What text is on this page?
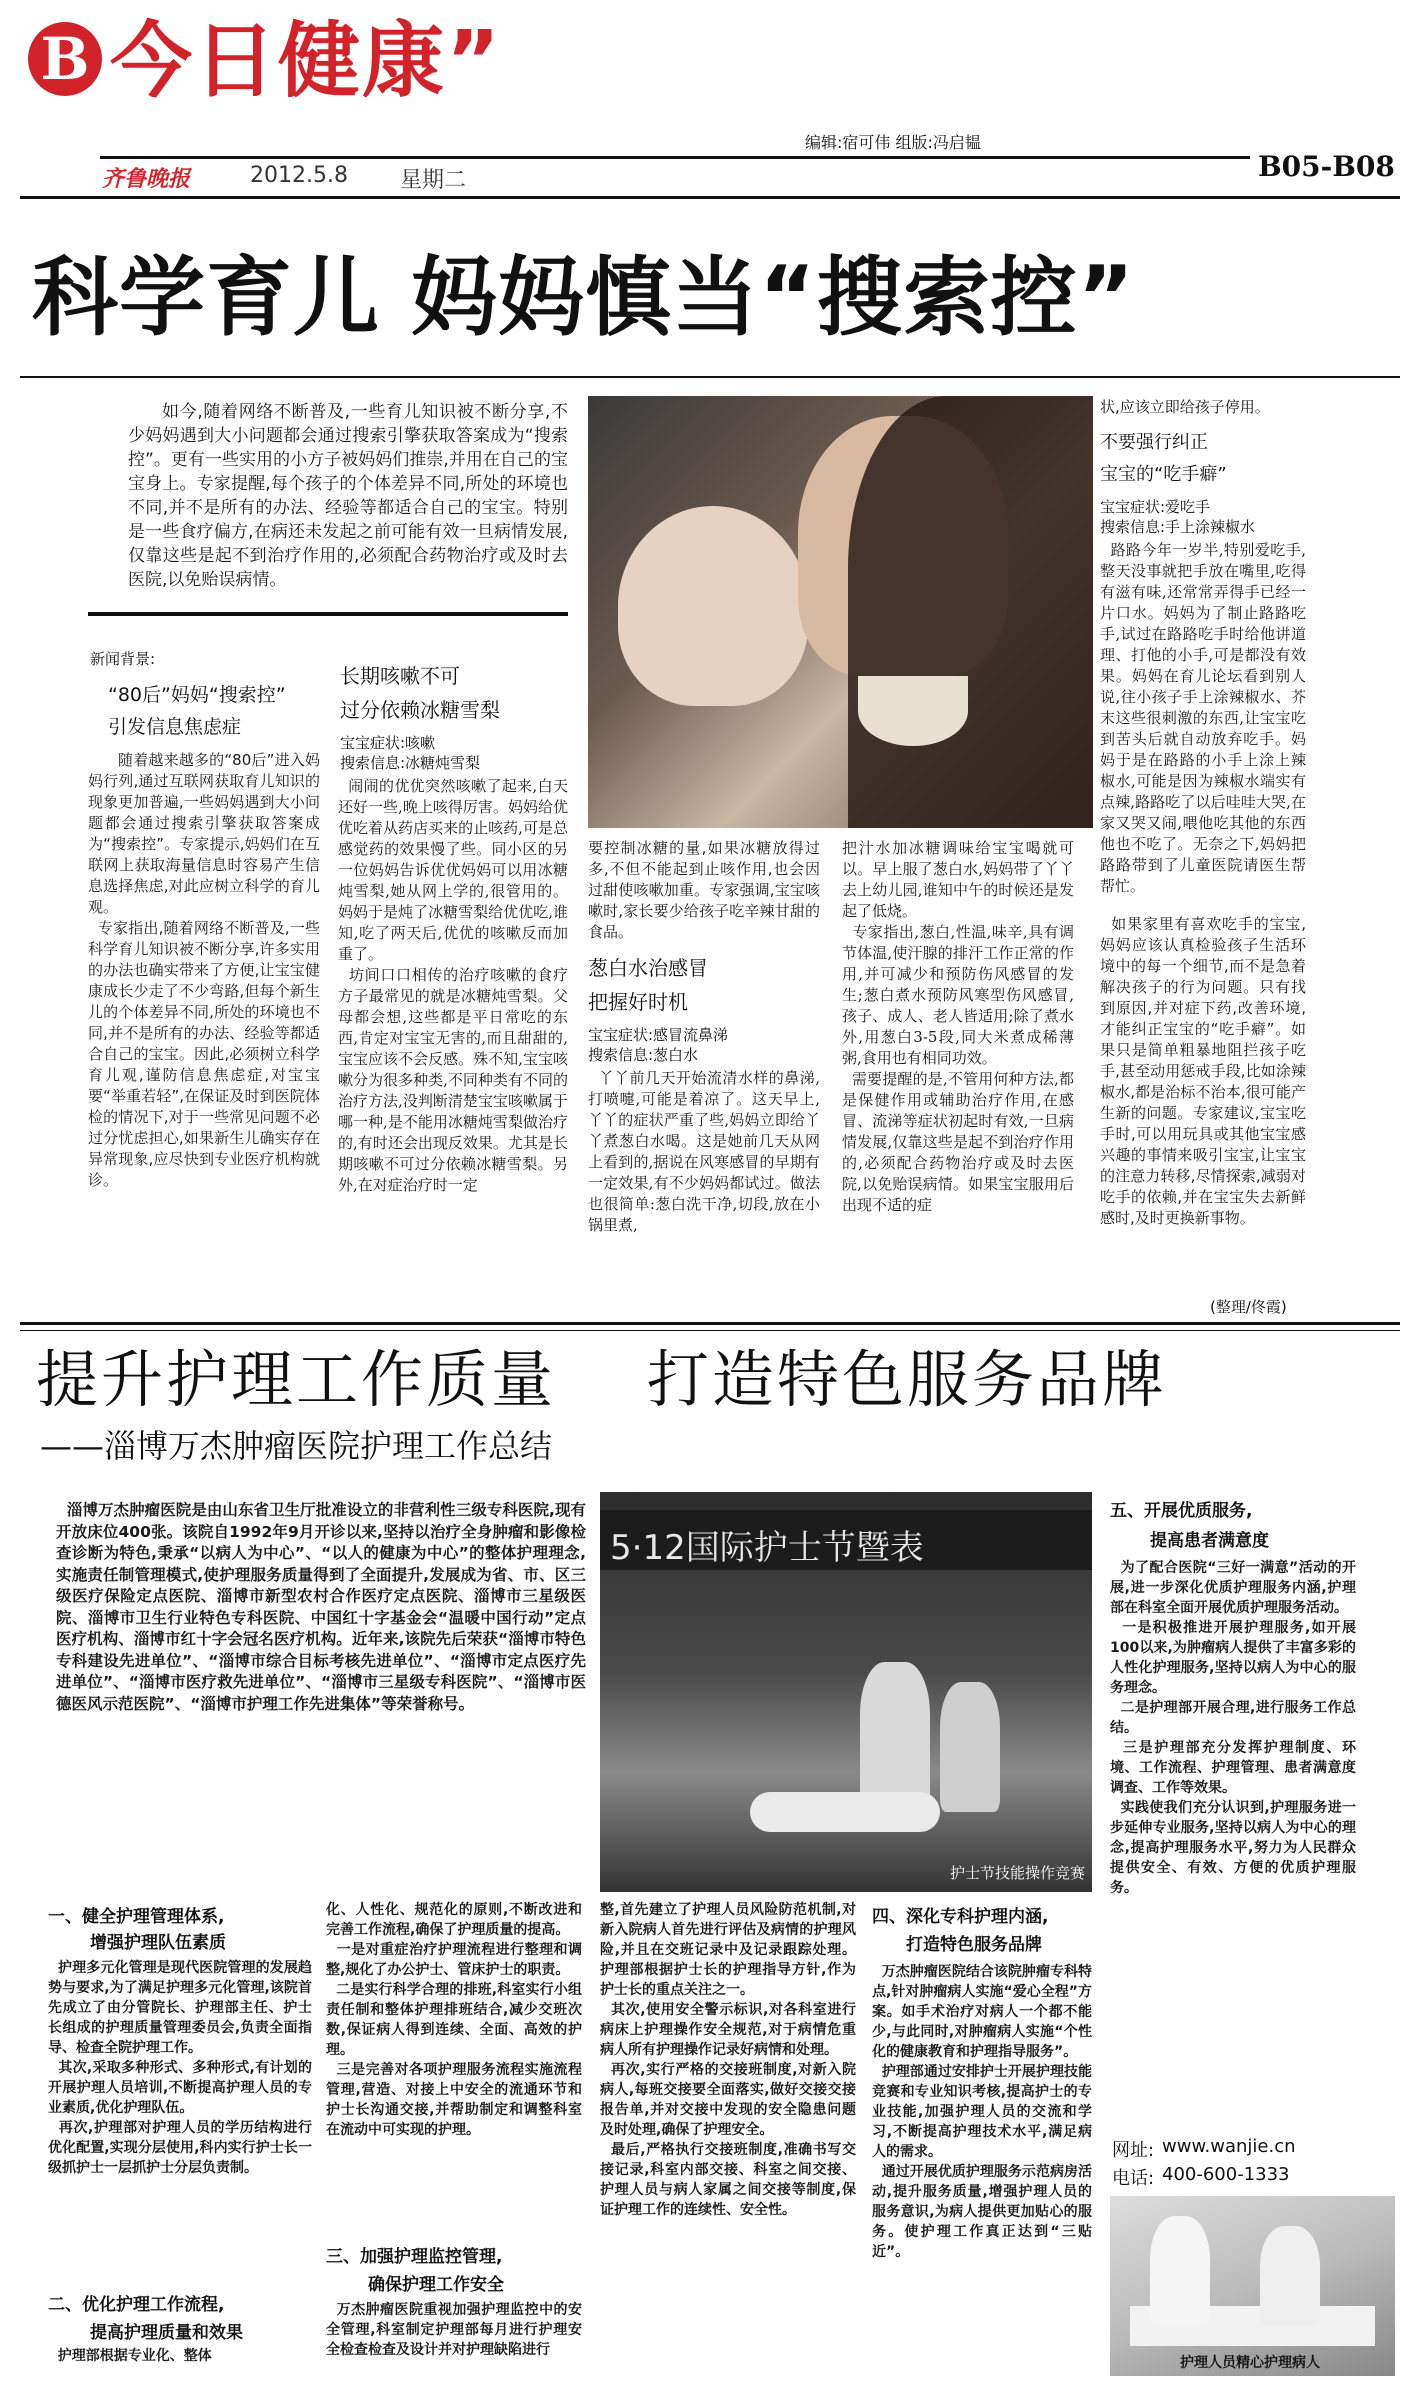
B 今日健康”
编辑:宿可伟 组版:冯启韫
齐鲁晚报	2012.5.8 星期二	B05-B08
科学育儿 妈妈慎当“搜索控”
如今,随着网络不断普及,一些育儿知识被不断分享,不少妈妈遇到大小问题都会通过搜索引擎获取答案成为“搜索控”。更有一些实用的小方子被妈妈们推崇,并用在自己的宝宝身上。专家提醒,每个孩子的个体差异不同,所处的环境也不同,并不是所有的办法、经验等都适合自己的宝宝。特别是一些食疗偏方,在病还未发起之前可能有效一旦病情发展,仅靠这些是起不到治疗作用的,必须配合药物治疗或及时去医院,以免贻误病情。
新闻背景:
“80后”妈妈“搜索控”
引发信息焦虑症
随着越来越多的“80后”进入妈妈行列,通过互联网获取育儿知识的现象更加普遍,一些妈妈遇到大小问题都会通过搜索引擎获取答案成为“搜索控”。专家提示,妈妈们在互联网上获取海量信息时容易产生信息选择焦虑,对此应树立科学的育儿观。
专家指出,随着网络不断普及,一些科学育儿知识被不断分享,许多实用的办法也确实带来了方便,让宝宝健康成长少走了不少弯路,但每个新生儿的个体差异不同,所处的环境也不同,并不是所有的办法、经验等都适合自己的宝宝。因此,必须树立科学育儿观,谨防信息焦虑症,对宝宝要“举重若轻”,在保证及时到医院体检的情况下,对于一些常见问题不必过分忧虑担心,如果新生儿确实存在异常现象,应尽快到专业医疗机构就诊。
长期咳嗽不可
过分依赖冰糖雪梨
宝宝症状:咳嗽
搜索信息:冰糖炖雪梨
闹闹的优优突然咳嗽了起来,白天还好一些,晚上咳得厉害。妈妈给优优吃着从药店买来的止咳药,可是总感觉药的效果慢了些。同小区的另一位妈妈告诉优优妈妈可以用冰糖炖雪梨,她从网上学的,很管用的。妈妈于是炖了冰糖雪梨给优优吃,谁知,吃了两天后,优优的咳嗽反而加重了。
坊间口口相传的治疗咳嗽的食疗方子最常见的就是冰糖炖雪梨。父母都会想,这些都是平日常吃的东西,肯定对宝宝无害的,而且甜甜的,宝宝应该不会反感。殊不知,宝宝咳嗽分为很多种类,不同种类有不同的治疗方法,没判断清楚宝宝咳嗽属于哪一种,是不能用冰糖炖雪梨做治疗的,有时还会出现反效果。尤其是长期咳嗽不可过分依赖冰糖雪梨。另外,在对症治疗时一定
要控制冰糖的量,如果冰糖放得过多,不但不能起到止咳作用,也会因过甜使咳嗽加重。专家强调,宝宝咳嗽时,家长要少给孩子吃辛辣甘甜的食品。
葱白水治感冒
把握好时机
宝宝症状:感冒流鼻涕
搜索信息:葱白水
丫丫前几天开始流清水样的鼻涕,打喷嚏,可能是着凉了。这天早上,丫丫的症状严重了些,妈妈立即给丫丫煮葱白水喝。这是她前几天从网上看到的,据说在风寒感冒的早期有一定效果,有不少妈妈都试过。做法也很简单:葱白洗干净,切段,放在小锅里煮,
把汁水加冰糖调味给宝宝喝就可以。早上服了葱白水,妈妈带了丫丫去上幼儿园,谁知中午的时候还是发起了低烧。
专家指出,葱白,性温,味辛,具有调节体温,使汗腺的排汗工作正常的作用,并可减少和预防伤风感冒的发生;葱白煮水预防风寒型伤风感冒,孩子、成人、老人皆适用;除了煮水外,用葱白3-5段,同大米煮成稀薄粥,食用也有相同功效。
需要提醒的是,不管用何种方法,都是保健作用或辅助治疗作用,在感冒、流涕等症状初起时有效,一旦病情发展,仅靠这些是起不到治疗作用的,必须配合药物治疗或及时去医院,以免贻误病情。如果宝宝服用后出现不适的症
状,应该立即给孩子停用。
不要强行纠正
宝宝的“吃手癖”
宝宝症状:爱吃手
搜索信息:手上涂辣椒水
路路今年一岁半,特别爱吃手,整天没事就把手放在嘴里,吃得有滋有味,还常常弄得手已经一片口水。妈妈为了制止路路吃手,试过在路路吃手时给他讲道理、打他的小手,可是都没有效果。妈妈在育儿论坛看到别人说,往小孩子手上涂辣椒水、芥末这些很刺激的东西,让宝宝吃到苦头后就自动放弃吃手。妈妈于是在路路的小手上涂上辣椒水,可能是因为辣椒水端实有点辣,路路吃了以后哇哇大哭,在家又哭又闹,喂他吃其他的东西他也不吃了。无奈之下,妈妈把路路带到了儿童医院请医生帮帮忙。
如果家里有喜欢吃手的宝宝,妈妈应该认真检验孩子生活环境中的每一个细节,而不是急着解决孩子的行为问题。只有找到原因,并对症下药,改善环境,才能纠正宝宝的“吃手癖”。如果只是简单粗暴地阻拦孩子吃手,甚至动用惩戒手段,比如涂辣椒水,都是治标不治本,很可能产生新的问题。专家建议,宝宝吃手时,可以用玩具或其他宝宝感兴趣的事情来吸引宝宝,让宝宝的注意力转移,尽情探索,减弱对吃手的依赖,并在宝宝失去新鲜感时,及时更换新事物。
(整理/佟霞)
提升护理工作质量    打造特色服务品牌
——淄博万杰肿瘤医院护理工作总结
淄博万杰肿瘤医院是由山东省卫生厅批准设立的非营利性三级专科医院,现有开放床位400张。该院自1992年9月开诊以来,坚持以治疗全身肿瘤和影像检查诊断为特色,秉承“以病人为中心”、“以人的健康为中心”的整体护理理念,实施责任制管理模式,使护理服务质量得到了全面提升,发展成为省、市、区三级医疗保险定点医院、淄博市新型农村合作医疗定点医院、淄博市三星级医院、淄博市卫生行业特色专科医院、中国红十字基金会“温暖中国行动”定点医疗机构、淄博市红十字会冠名医疗机构。近年来,该院先后荣获“淄博市特色专科建设先进单位”、“淄博市综合目标考核先进单位”、“淄博市定点医疗先进单位”、“淄博市医疗救先进单位”、“淄博市三星级专科医院”、“淄博市医德医风示范医院”、“淄博市护理工作先进集体”等荣誉称号。
5·12国际护士节暨表
护士节技能操作竞赛
一、健全护理管理体系,
增强护理队伍素质
护理多元化管理是现代医院管理的发展趋势与要求,为了满足护理多元化管理,该院首先成立了由分管院长、护理部主任、护士长组成的护理质量管理委员会,负责全面指导、检查全院护理工作。
其次,采取多种形式、多种形式,有计划的开展护理人员培训,不断提高护理人员的专业素质,优化护理队伍。
再次,护理部对护理人员的学历结构进行优化配置,实现分层使用,科内实行护士长一级抓护士一层抓护士分层负责制。
二、优化护理工作流程,
提高护理质量和效果
护理部根据专业化、整体
化、人性化、规范化的原则,不断改进和完善工作流程,确保了护理质量的提高。
一是对重症治疗护理流程进行整理和调整,规化了办公护士、管床护士的职责。
二是实行科学合理的排班,科室实行小组责任制和整体护理排班结合,减少交班次数,保证病人得到连续、全面、高效的护理。
三是完善对各项护理服务流程实施流程管理,营造、对接上中安全的流通环节和护士长沟通交接,并帮助制定和调整科室在流动中可实现的护理。
三、加强护理监控管理,
确保护理工作安全
万杰肿瘤医院重视加强护理监控中的安全管理,科室制定护理部每月进行护理安全检查检查及设计并对护理缺陷进行
整,首先建立了护理人员风险防范机制,对新入院病人首先进行评估及病情的护理风险,并且在交班记录中及记录跟踪处理。护理部根据护士长的护理指导方针,作为护士长的重点关注之一。
其次,使用安全警示标识,对各科室进行病床上护理操作安全规范,对于病情危重病人所有护理操作记录好病情和处理。
再次,实行严格的交接班制度,对新入院病人,每班交接要全面落实,做好交接交接报告单,并对交接中发现的安全隐患问题及时处理,确保了护理安全。
最后,严格执行交接班制度,准确书写交接记录,科室内部交接、科室之间交接、护理人员与病人家属之间交接等制度,保证护理工作的连续性、安全性。
四、深化专科护理内涵,
打造特色服务品牌
万杰肿瘤医院结合该院肿瘤专科特点,针对肿瘤病人实施“爱心全程”方案。如手术治疗对病人一个都不能少,与此同时,对肿瘤病人实施“个性化的健康教育和护理指导服务”。
护理部通过安排护士开展护理技能竞赛和专业知识考核,提高护士的专业技能,加强护理人员的交流和学习,不断提高护理技术水平,满足病人的需求。
通过开展优质护理服务示范病房活动,提升服务质量,增强护理人员的服务意识,为病人提供更加贴心的服务。使护理工作真正达到“三贴近”。
五、开展优质服务,
提高患者满意度
为了配合医院“三好一满意”活动的开展,进一步深化优质护理服务内涵,护理部在科室全面开展优质护理服务活动。
一是积极推进开展护理服务,如开展100以来,为肿瘤病人提供了丰富多彩的人性化护理服务,坚持以病人为中心的服务理念。
二是护理部开展合理,进行服务工作总结。
三是护理部充分发挥护理制度、环境、工作流程、护理管理、患者满意度调查、工作等效果。
实践使我们充分认识到,护理服务进一步延伸专业服务,坚持以病人为中心的理念,提高护理服务水平,努力为人民群众提供安全、有效、方便的优质护理服务。
网址: www.wanjie.cn
电话: 400-600-1333
护理人员精心护理病人
